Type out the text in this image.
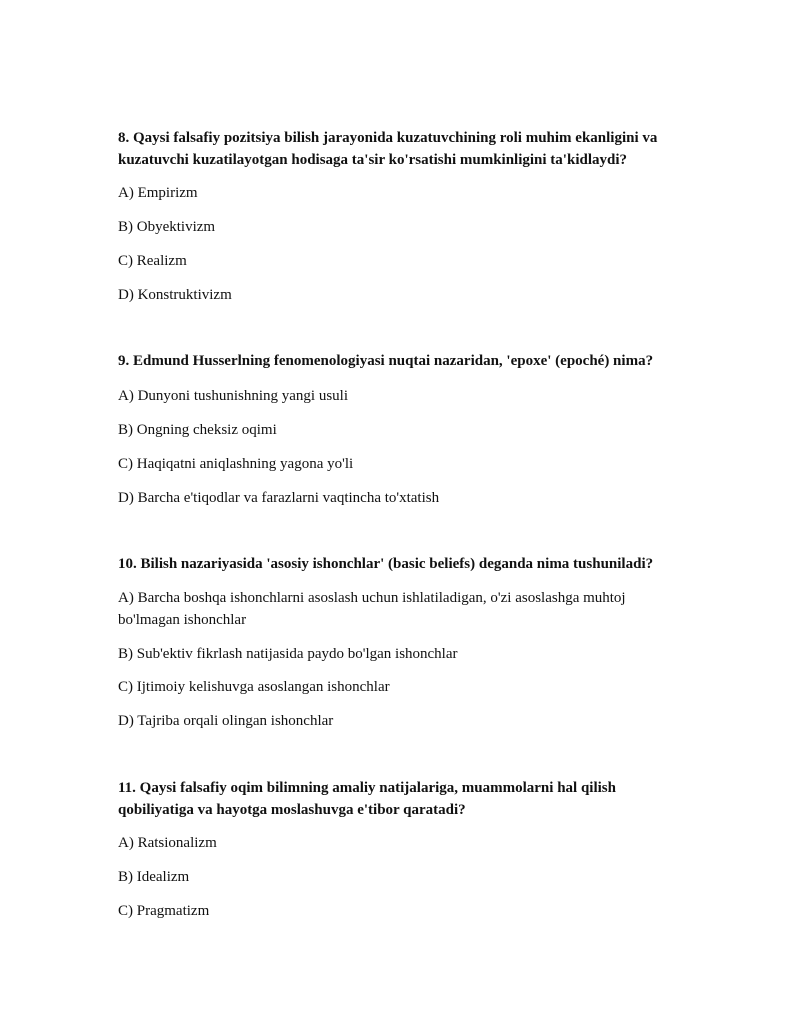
8. Qaysi falsafiy pozitsiya bilish jarayonida kuzatuvchining roli muhim ekanligini va kuzatuvchi kuzatilayotgan hodisaga ta'sir ko'rsatishi mumkinligini ta'kidlaydi?

A) Empirizm

B) Obyektivizm

C) Realizm

D) Konstruktivizm

9. Edmund Husserlning fenomenologiyasi nuqtai nazaridan, 'epoxe' (epoché) nima?

A) Dunyoni tushunishning yangi usuli

B) Ongning cheksiz oqimi

C) Haqiqatni aniqlashning yagona yo'li

D) Barcha e'tiqodlar va farazlarni vaqtincha to'xtatish

10. Bilish nazariyasida 'asosiy ishonchlar' (basic beliefs) deganda nima tushuniladi?

A) Barcha boshqa ishonchlarni asoslash uchun ishlatiladigan, o'zi asoslashga muhtoj bo'lmagan ishonchlar

B) Sub'ektiv fikrlash natijasida paydo bo'lgan ishonchlar

C) Ijtimoiy kelishuvga asoslangan ishonchlar

D) Tajriba orqali olingan ishonchlar

11. Qaysi falsafiy oqim bilimning amaliy natijalariga, muammolarni hal qilish qobiliyatiga va hayotga moslashuvga e'tibor qaratadi?

A) Ratsionalizm

B) Idealizm

C) Pragmatizm
